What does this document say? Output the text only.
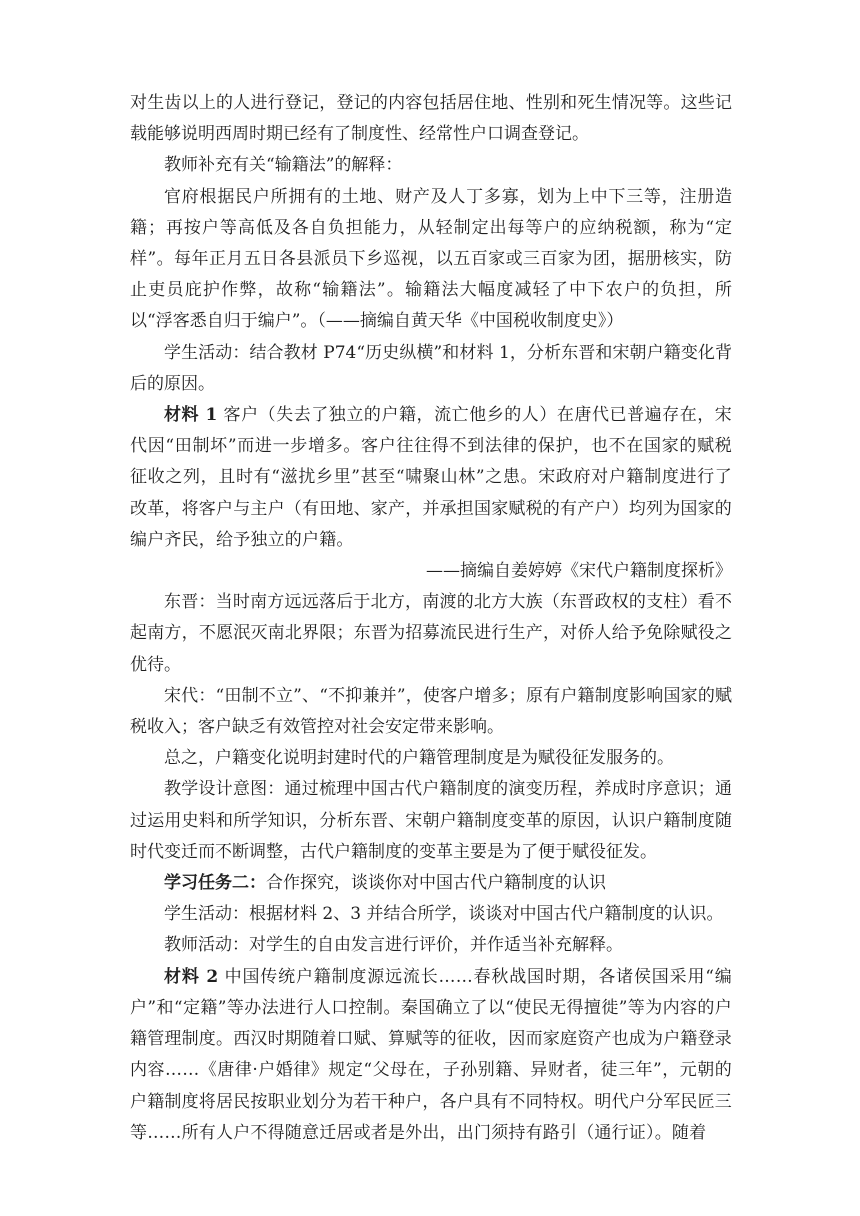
对生齿以上的人进行登记，登记的内容包括居住地、性别和死生情况等。这些记载能够说明西周时期已经有了制度性、经常性户口调查登记。

教师补充有关“输籍法”的解释：

官府根据民户所拥有的土地、财产及人丁多寡，划为上中下三等，注册造籍；再按户等高低及各自负担能力，从轻制定出每等户的应纳税额，称为“定样”。每年正月五日各县派员下乡巡视，以五百家或三百家为团，据册核实，防止吏员庇护作弊，故称“输籍法”。输籍法大幅度减轻了中下农户的负担，所以“浮客悉自归于编户”。（——摘编自黄天华《中国税收制度史》）

学生活动：结合教材 P74“历史纵横”和材料 1，分析东晋和宋朝户籍变化背后的原因。

材料 1 客户（失去了独立的户籍，流亡他乡的人）在唐代已普遍存在，宋代因“田制坏”而进一步增多。客户往往得不到法律的保护，也不在国家的赋税征收之列，且时有“滋扰乡里”甚至“啸聚山林”之患。宋政府对户籍制度进行了改革，将客户与主户（有田地、家产，并承担国家赋税的有产户）均列为国家的编户齐民，给予独立的户籍。

——摘编自姜婷婷《宋代户籍制度探析》

东晋：当时南方远远落后于北方，南渡的北方大族（东晋政权的支柱）看不起南方，不愿泯灭南北界限；东晋为招募流民进行生产，对侨人给予免除赋役之优待。

宋代：“田制不立”、“不抑兼并”，使客户增多；原有户籍制度影响国家的赋税收入；客户缺乏有效管控对社会安定带来影响。

总之，户籍变化说明封建时代的户籍管理制度是为赋役征发服务的。

教学设计意图：通过梳理中国古代户籍制度的演变历程，养成时序意识；通过运用史料和所学知识，分析东晋、宋朝户籍制度变革的原因，认识户籍制度随时代变迁而不断调整，古代户籍制度的变革主要是为了便于赋役征发。

学习任务二：合作探究，谈谈你对中国古代户籍制度的认识

学生活动：根据材料 2、3 并结合所学，谈谈对中国古代户籍制度的认识。

教师活动：对学生的自由发言进行评价，并作适当补充解释。

材料 2 中国传统户籍制度源远流长……春秋战国时期，各诸侯国采用“编户”和“定籍”等办法进行人口控制。秦国确立了以“使民无得擅徙”等为内容的户籍管理制度。西汉时期随着口赋、算赋等的征收，因而家庭资产也成为户籍登录内容……《唐律·户婚律》规定“父母在，子孙别籍、异财者，徒三年”，元朝的户籍制度将居民按职业划分为若干种户，各户具有不同特权。明代户分军民匠三等……所有人户不得随意迁居或者是外出，出门须持有路引（通行证）。随着
